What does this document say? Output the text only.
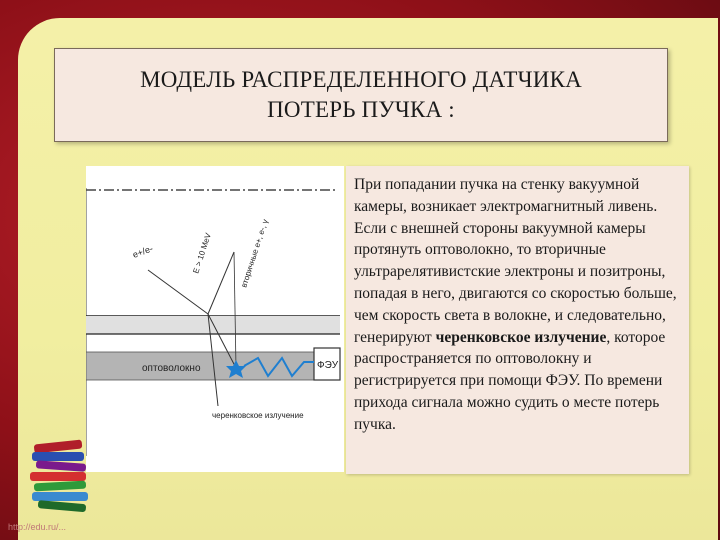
МОДЕЛЬ РАСПРЕДЕЛЕННОГО ДАТЧИКА
ПОТЕРЬ ПУЧКА :
оптоволокно	ФЭУ
e+/e-	E > 10 MeV	вторичные e+, e-, γ
черенковское излучение
При попадании пучка на стенку вакуумной камеры, возникает электромагнитный ливень. Если с внешней стороны вакуумной камеры протянуть оптоволокно, то вторичные ультрарелятивистские электроны и позитроны, попадая в него, двигаются со скоростью больше, чем скорость света в волокне, и следовательно, генерируют черенковское излучение, которое распространяется по оптоволокну и регистрируется при помощи ФЭУ. По времени прихода сигнала можно судить о месте потерь пучка.
http://edu.ru/...
